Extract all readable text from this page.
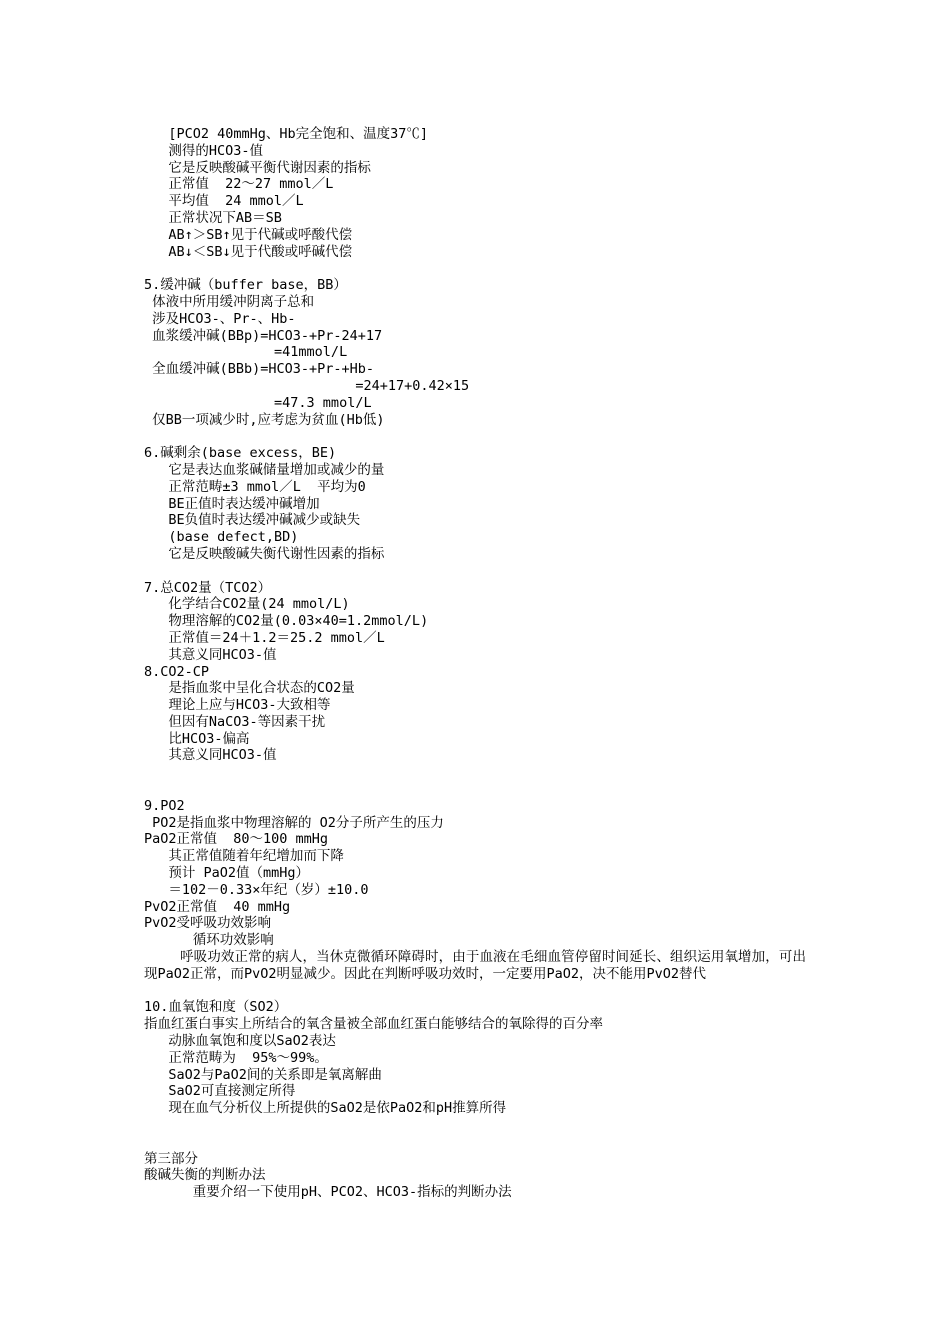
[PCO2 40mmHg、Hb完全饱和、温度37℃]
测得的HCO3-值
它是反映酸碱平衡代谢因素的指标
正常值  22～27 mmol／L
平均值  24 mmol／L
正常状况下AB＝SB
AB↑＞SB↑见于代碱或呼酸代偿
AB↓＜SB↓见于代酸或呼碱代偿
5.缓冲碱（buffer base，BB）
体液中所用缓冲阴离子总和
涉及HCO3-、Pr-、Hb-
血浆缓冲碱(BBp)=HCO3-+Pr-24+17
=41mmol/L
全血缓冲碱(BBb)=HCO3-+Pr-+Hb-
=24+17+0.42×15
=47.3 mmol/L
仅BB一项减少时,应考虑为贫血(Hb低)
6.碱剩余(base excess，BE)
它是表达血浆碱储量增加或减少的量
正常范畴±3 mmol／L  平均为0
BE正值时表达缓冲碱增加
BE负值时表达缓冲碱减少或缺失
(base defect,BD)
它是反映酸碱失衡代谢性因素的指标
7.总CO2量（TCO2）
化学结合CO2量(24 mmol/L)
物理溶解的CO2量(0.03×40=1.2mmol/L)
正常值＝24＋1.2＝25.2 mmol／L
其意义同HCO3-值
8.CO2-CP
是指血浆中呈化合状态的CO2量
理论上应与HCO3-大致相等
但因有NaCO3-等因素干扰
比HCO3-偏高
其意义同HCO3-值
9.PO2
PO2是指血浆中物理溶解的 O2分子所产生的压力
PaO2正常值  80～100 mmHg
其正常值随着年纪增加而下降
预计 PaO2值（mmHg）
＝102－0.33×年纪（岁）±10.0
PvO2正常值  40 mmHg
PvO2受呼吸功效影响
循环功效影响

呼吸功效正常的病人，当休克微循环障碍时，由于血液在毛细血管停留时间延长、组织运用氧增加，可出现PaO2正常，而PvO2明显减少。因此在判断呼吸功效时，一定要用PaO2，决不能用PvO2替代

10.血氧饱和度（SO2）
指血红蛋白事实上所结合的氧含量被全部血红蛋白能够结合的氧除得的百分率
动脉血氧饱和度以SaO2表达
正常范畴为  95%～99%。
SaO2与PaO2间的关系即是氧离解曲
SaO2可直接测定所得
现在血气分析仪上所提供的SaO2是依PaO2和pH推算所得
第三部分
酸碱失衡的判断办法
重要介绍一下使用pH、PCO2、HCO3-指标的判断办法
